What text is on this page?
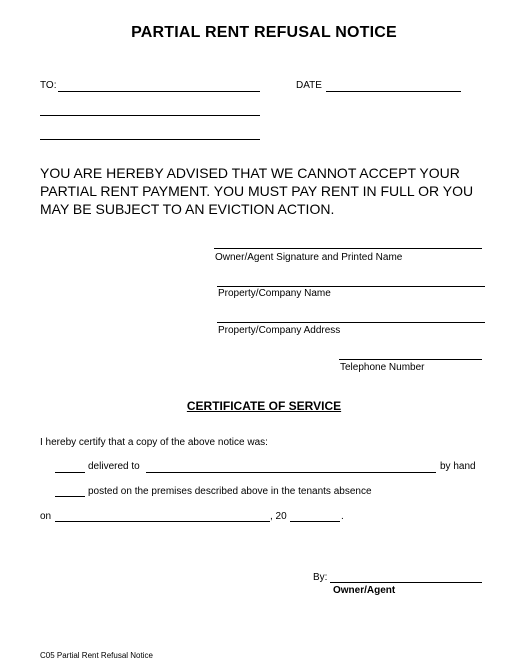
PARTIAL RENT REFUSAL NOTICE
TO:	DATE
YOU ARE HEREBY ADVISED THAT WE CANNOT ACCEPT YOUR PARTIAL RENT PAYMENT. YOU MUST PAY RENT IN FULL OR YOU MAY BE SUBJECT TO AN EVICTION ACTION.
Owner/Agent Signature and Printed Name
Property/Company Name
Property/Company Address
Telephone Number
CERTIFICATE OF SERVICE
I hereby certify that a copy of the above notice was:
delivered to	by hand
posted on the premises described above in the tenants absence
on	, 20	.
By:
Owner/Agent
C05 Partial Rent Refusal Notice
